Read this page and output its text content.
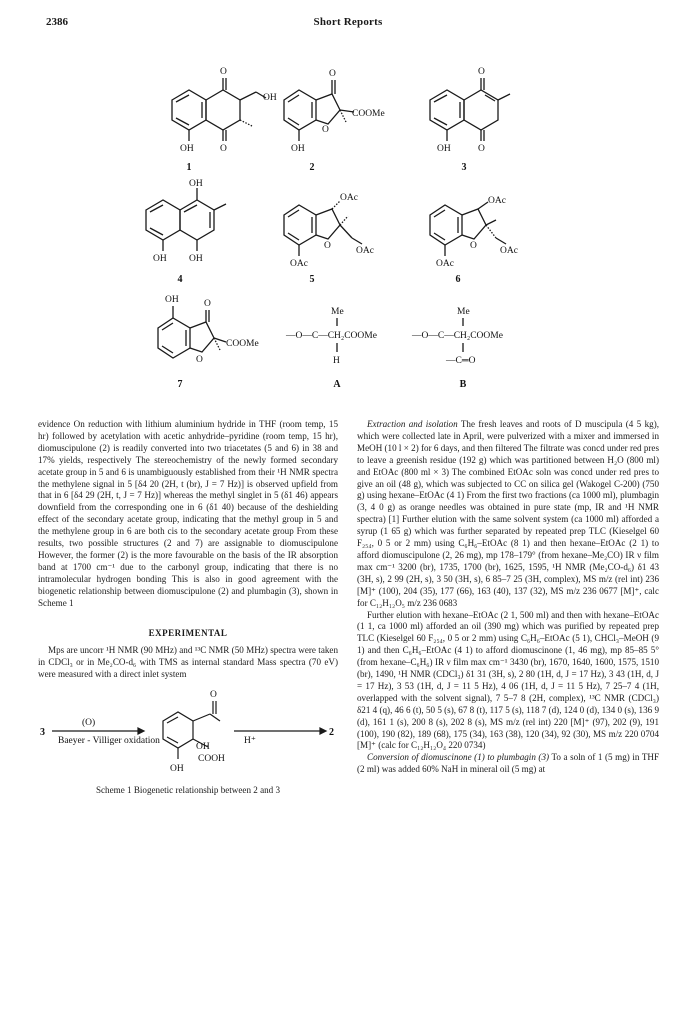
2386	Short Reports
O
OH
OH	O
O
O
OH
COOMe
O
OH	O
OH
OH OH
OAc
OAc
OAc
O
OAc
OAc
OAc
O
OH	O
O
COOMe
Me
—O—C—CH₂COOMe
H
Me
—O—C—CH₂COOMe
—C═O
1	2	3
4	5	6
7	A	B

evidence On reduction with lithium aluminium hydride in THF (room temp, 15 hr) followed by acetylation with acetic anhydride–pyridine (room temp, 15 hr), diomuscipulone (2) is readily converted into two triacetates (5 and 6) in 38 and 17% yields, respectively The stereochemistry of the newly formed secondary acetate group in 5 and 6 is unambiguously established from their ¹H NMR spectra the methylene signal in 5 [δ4 20 (2H, t (br), J = 7 Hz)] is observed upfield from that in 6 [δ4 29 (2H, t, J = 7 Hz)] whereas the methyl singlet in 5 (δ1 46) appears downfield from the corresponding one in 6 (δ1 40) because of the deshielding effect of the secondary acetate group, indicating that the methyl group in 5 and the methylene group in 6 are both cis to the secondary acetate group From these results, two possible structures (2 and 7) are assignable to diomuscipulone However, the former (2) is the more favourable on the basis of the IR absorption band at 1700 cm⁻¹ due to the carbonyl group, indicating that there is no intramolecular hydrogen bonding This is also in good agreement with the biogenetic relationship between diomuscipulone (2) and plumbagin (3), shown in Scheme 1

EXPERIMENTAL

Mps are uncorr ¹H NMR (90 MHz) and ¹³C NMR (50 MHz) spectra were taken in CDCl₃ or in Me₂CO-d₆ with TMS as internal standard Mass spectra (70 eV) were measured with a direct inlet system

3
(O)
Baeyer - Villiger oxidation
O
OH
COOH
OH
H⁺
2

Scheme 1 Biogenetic relationship between 2 and 3

Extraction and isolation The fresh leaves and roots of D muscipula (4 5 kg), which were collected late in April, were pulverized with a mixer and immersed in MeOH (10 l × 2) for 6 days, and then filtered The filtrate was concd under red pres to leave a greenish residue (192 g) which was partitioned between H₂O (800 ml) and EtOAc (800 ml × 3) The combined EtOAc soln was concd under red pres to give an oil (48 g), which was subjected to CC on silica gel (Wakogel C-200) (750 g) using hexane–EtOAc (4 1) From the first two fractions (ca 1000 ml), plumbagin (3, 4 0 g) as orange needles was obtained in pure state (mp, IR and ¹H NMR spectra) [1] Further elution with the same solvent system (ca 1000 ml) afforded a syrup (1 65 g) which was further separated by repeated prep TLC (Kieselgel 60 F₂₅₄, 0 5 or 2 mm) using C₆H₆–EtOAc (8 1) and then hexane–EtOAc (2 1) to afford diomuscipulone (2, 26 mg), mp 178–179° (from hexane–Me₂CO) IR ν film max cm⁻¹ 3200 (br), 1735, 1700 (br), 1625, 1595, ¹H NMR (Me₂CO-d₆) δ1 43 (3H, s), 2 99 (2H, s), 3 50 (3H, s), 6 85–7 25 (3H, complex), MS m/z (rel int) 236 [M]⁺ (100), 204 (35), 177 (66), 163 (40), 137 (32), MS m/z 236 0677 [M]⁺, calc for C₁₂H₁₂O₅ m/z 236 0683

Further elution with hexane–EtOAc (2 1, 500 ml) and then with hexane–EtOAc (1 1, ca 1000 ml) afforded an oil (390 mg) which was purified by repeated prep TLC (Kieselgel 60 F₂₅₄, 0 5 or 2 mm) using C₆H₆–EtOAc (5 1), CHCl₃–MeOH (9 1) and then C₆H₆–EtOAc (4 1) to afford diomuscinone (1, 46 mg), mp 85–85 5° (from hexane–C₆H₆) IR ν film max cm⁻¹ 3430 (br), 1670, 1640, 1600, 1575, 1510 (br), 1490, ¹H NMR (CDCl₃) δ1 31 (3H, s), 2 80 (1H, d, J = 17 Hz), 3 43 (1H, d, J = 17 Hz), 3 53 (1H, d, J = 11 5 Hz), 4 06 (1H, d, J = 11 5 Hz), 7 25–7 4 (1H, overlapped with the solvent signal), 7 5–7 8 (2H, complex), ¹³C NMR (CDCl₃) δ21 4 (q), 46 6 (t), 50 5 (s), 67 8 (t), 117 5 (s), 118 7 (d), 124 0 (d), 134 0 (s), 136 9 (d), 161 1 (s), 200 8 (s), 202 8 (s), MS m/z (rel int) 220 [M]⁺ (97), 202 (9), 191 (100), 190 (82), 189 (68), 175 (34), 163 (38), 120 (34), 92 (30), MS m/z 220 0704 [M]⁺ (calc for C₁₂H₁₂O₄ 220 0734)

Conversion of diomuscinone (1) to plumbagin (3) To a soln of 1 (5 mg) in THF (2 ml) was added 60% NaH in mineral oil (5 mg) at
